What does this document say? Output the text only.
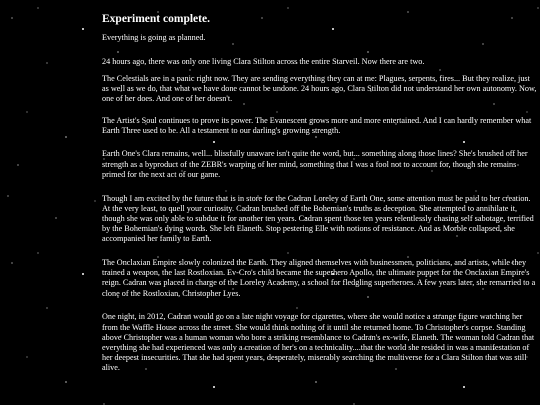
Experiment complete.

Everything is going as planned.

24 hours ago, there was only one living Clara Stilton across the entire Starveil. Now there are two.

The Celestials are in a panic right now. They are sending everything they can at me: Plagues, serpents, fires... But they realize, just as well as we do, that what we have done cannot be undone. 24 hours ago, Clara Stilton did not understand her own autonomy. Now, one of her does. And one of her doesn't.

The Artist's Soul continues to prove its power. The Evanescent grows more and more entertained. And I can hardly remember what Earth Three used to be. All a testament to our darling's growing strength.

Earth One's Clara remains, well... blissfully unaware isn't quite the word, but... something along those lines? She's brushed off her strength as a byproduct of the ZEBR's warping of her mind, something that I was a fool not to account for, though she remains primed for the next act of our game.

Though I am excited by the future that is in store for the Cadran Loreley of Earth One, some attention must be paid to her creation. At the very least, to quell your curiosity. Cadran brushed off the Bohemian's truths as deception. She attempted to annihilate it, though she was only able to subdue it for another ten years. Cadran spent those ten years relentlessly chasing self sabotage, terrified by the Bohemian's dying words. She left Elaneth. Stop pestering Elle with notions of resistance. And as Morble collapsed, she accompanied her family to Earth.

The Onclaxian Empire slowly colonized the Earth. They aligned themselves with businessmen, politicians, and artists, while they trained a weapon, the last Rostloxian. Ev-Cro's child became the superhero Apollo, the ultimate puppet for the Onclaxian Empire's reign. Cadran was placed in charge of the Loreley Academy, a school for fledgling superheroes. A few years later, she remarried to a clone of the Rostloxian, Christopher Lyes.

One night, in 2012, Cadran would go on a late night voyage for cigarettes, where she would notice a strange figure watching her from the Waffle House across the street. She would think nothing of it until she returned home. To Christopher's corpse. Standing above Christopher was a human woman who bore a striking resemblance to Cadran's ex-wife, Elaneth. The woman told Cadran that everything she had experienced was only a creation of her's on a technicality....that the world she resided in was a manifestation of her deepest insecurities. That she had spent years, desperately, miserably searching the multiverse for a Clara Stilton that was still alive.
